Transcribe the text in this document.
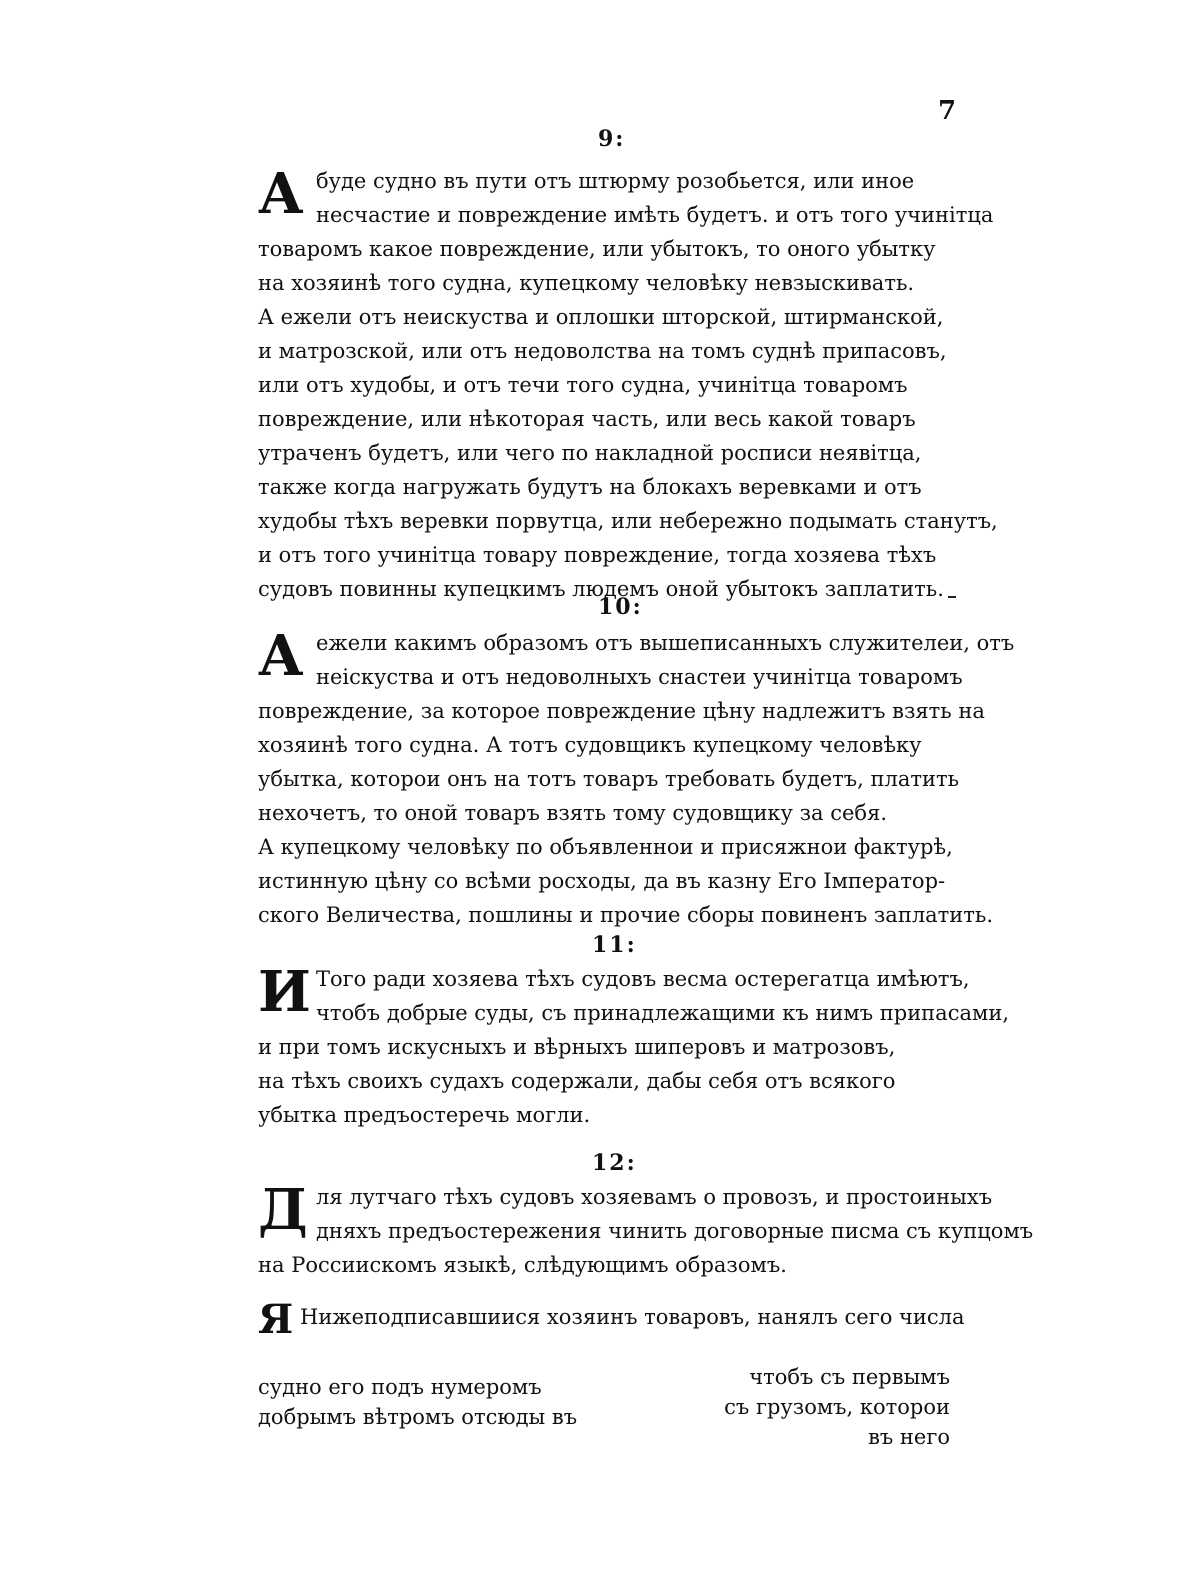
7
9:
А буде судно въ пути отъ штюрму розобьется, или иное
несчастие и повреждение имѣть будетъ. и отъ того учинітца
товаромъ какое повреждение, или убытокъ, то оного убытку
на хозяинѣ того судна, купецкому человѣку невзыскивать.
А ежели отъ неискуства и оплошки шторской, штирманской,
и матрозской, или отъ недоволства на томъ суднѣ припасовъ,
или отъ худобы, и отъ течи того судна, учинітца товаромъ
повреждение, или нѣкоторая часть, или весь какой товаръ
утраченъ будетъ, или чего по накладной росписи неявітца,
также когда нагружать будутъ на блокахъ веревками и отъ
худобы тѣхъ веревки порвутца, или небережно подымать станутъ,
и отъ того учинітца товару повреждение, тогда хозяева тѣхъ
судовъ повинны купецкимъ людемъ оной убытокъ заплатить.
10:
А ежели какимъ образомъ отъ вышеписанныхъ служителеи, отъ
неіскуства и отъ недоволныхъ снастеи учинітца товаромъ
повреждение, за которое повреждение цѣну надлежитъ взять на
хозяинѣ того судна. А тотъ судовщикъ купецкому человѣку
убытка, которои онъ на тотъ товаръ требовать будетъ, платить
нехочетъ, то оной товаръ взять тому судовщику за себя.
А купецкому человѣку по объявленнои и присяжнои фактурѣ,
истинную цѣну со всѣми росходы, да въ казну Его Імператор-
ского Величества, пошлины и прочие сборы повиненъ заплатить.
11:
И Того ради хозяева тѣхъ судовъ весма остерегатца имѣютъ,
чтобъ добрые суды, съ принадлежащими къ нимъ припасами,
и при томъ искусныхъ и вѣрныхъ шиперовъ и матрозовъ,
на тѣхъ своихъ судахъ содержали, дабы себя отъ всякого
убытка предъостеречь могли.
12:
Д ля лутчаго тѣхъ судовъ хозяевамъ о провозъ, и простоиныхъ
дняхъ предъостережения чинить договорные писма съ купцомъ
на Россиискомъ языкѣ, слѣдующимъ образомъ.
Я Нижеподписавшиися хозяинъ товаровъ, нанялъ сего числа
судно его подъ нумеромъ
добрымъ вѣтромъ отсюды въ
чтобъ съ первымъ
съ грузомъ, которои
въ него
